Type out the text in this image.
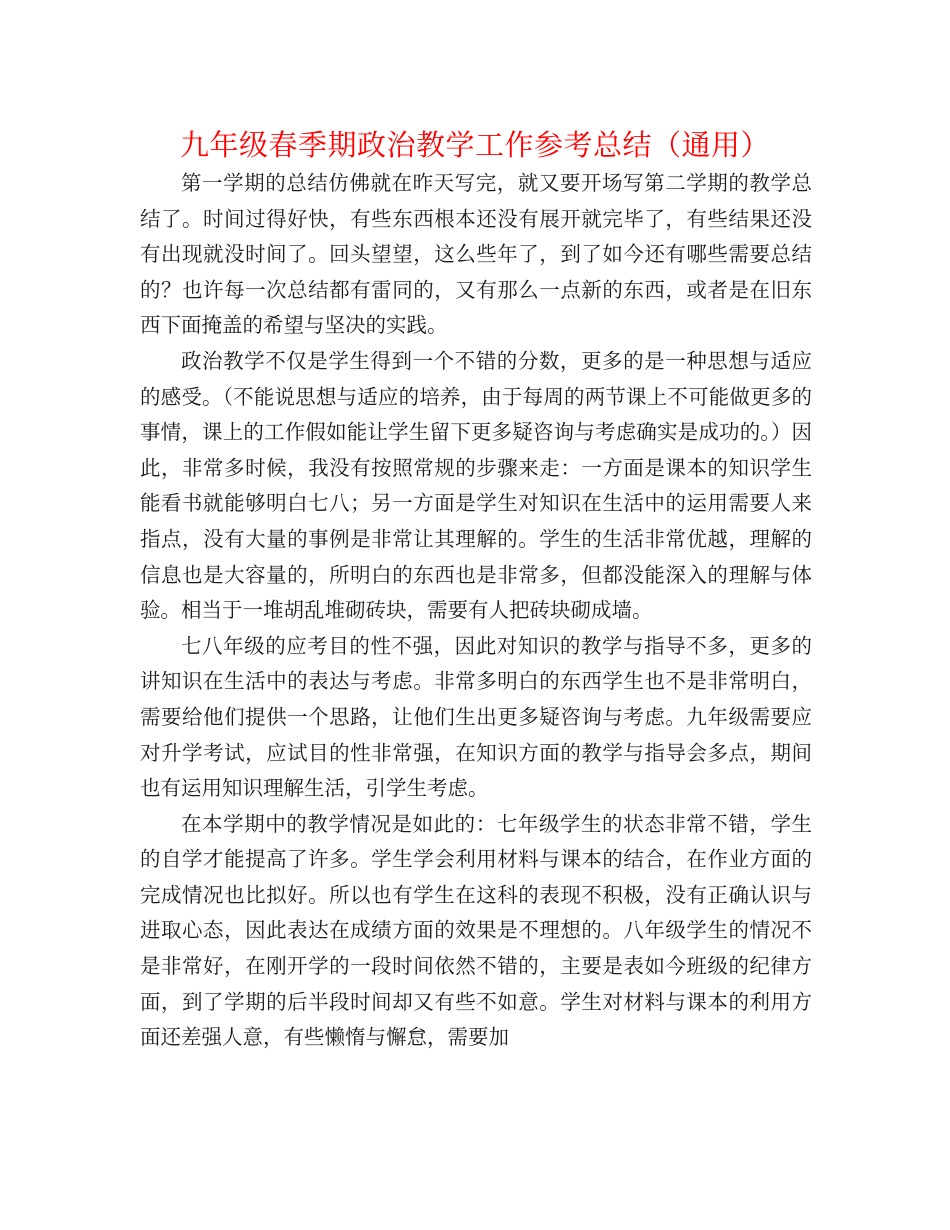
九年级春季期政治教学工作参考总结（通用）

第一学期的总结仿佛就在昨天写完，就又要开场写第二学期的教学总结了。时间过得好快，有些东西根本还没有展开就完毕了，有些结果还没有出现就没时间了。回头望望，这么些年了，到了如今还有哪些需要总结的？也许每一次总结都有雷同的，又有那么一点新的东西，或者是在旧东西下面掩盖的希望与坚决的实践。

政治教学不仅是学生得到一个不错的分数，更多的是一种思想与适应的感受。（不能说思想与适应的培养，由于每周的两节课上不可能做更多的事情，课上的工作假如能让学生留下更多疑咨询与考虑确实是成功的。）因此，非常多时候，我没有按照常规的步骤来走：一方面是课本的知识学生能看书就能够明白七八；另一方面是学生对知识在生活中的运用需要人来指点，没有大量的事例是非常让其理解的。学生的生活非常优越，理解的信息也是大容量的，所明白的东西也是非常多，但都没能深入的理解与体验。相当于一堆胡乱堆砌砖块，需要有人把砖块砌成墙。

七八年级的应考目的性不强，因此对知识的教学与指导不多，更多的讲知识在生活中的表达与考虑。非常多明白的东西学生也不是非常明白，需要给他们提供一个思路，让他们生出更多疑咨询与考虑。九年级需要应对升学考试，应试目的性非常强，在知识方面的教学与指导会多点，期间也有运用知识理解生活，引学生考虑。

在本学期中的教学情况是如此的：七年级学生的状态非常不错，学生的自学才能提高了许多。学生学会利用材料与课本的结合，在作业方面的完成情况也比拟好。所以也有学生在这科的表现不积极，没有正确认识与进取心态，因此表达在成绩方面的效果是不理想的。八年级学生的情况不是非常好，在刚开学的一段时间依然不错的，主要是表如今班级的纪律方面，到了学期的后半段时间却又有些不如意。学生对材料与课本的利用方面还差强人意，有些懒惰与懈怠，需要加
